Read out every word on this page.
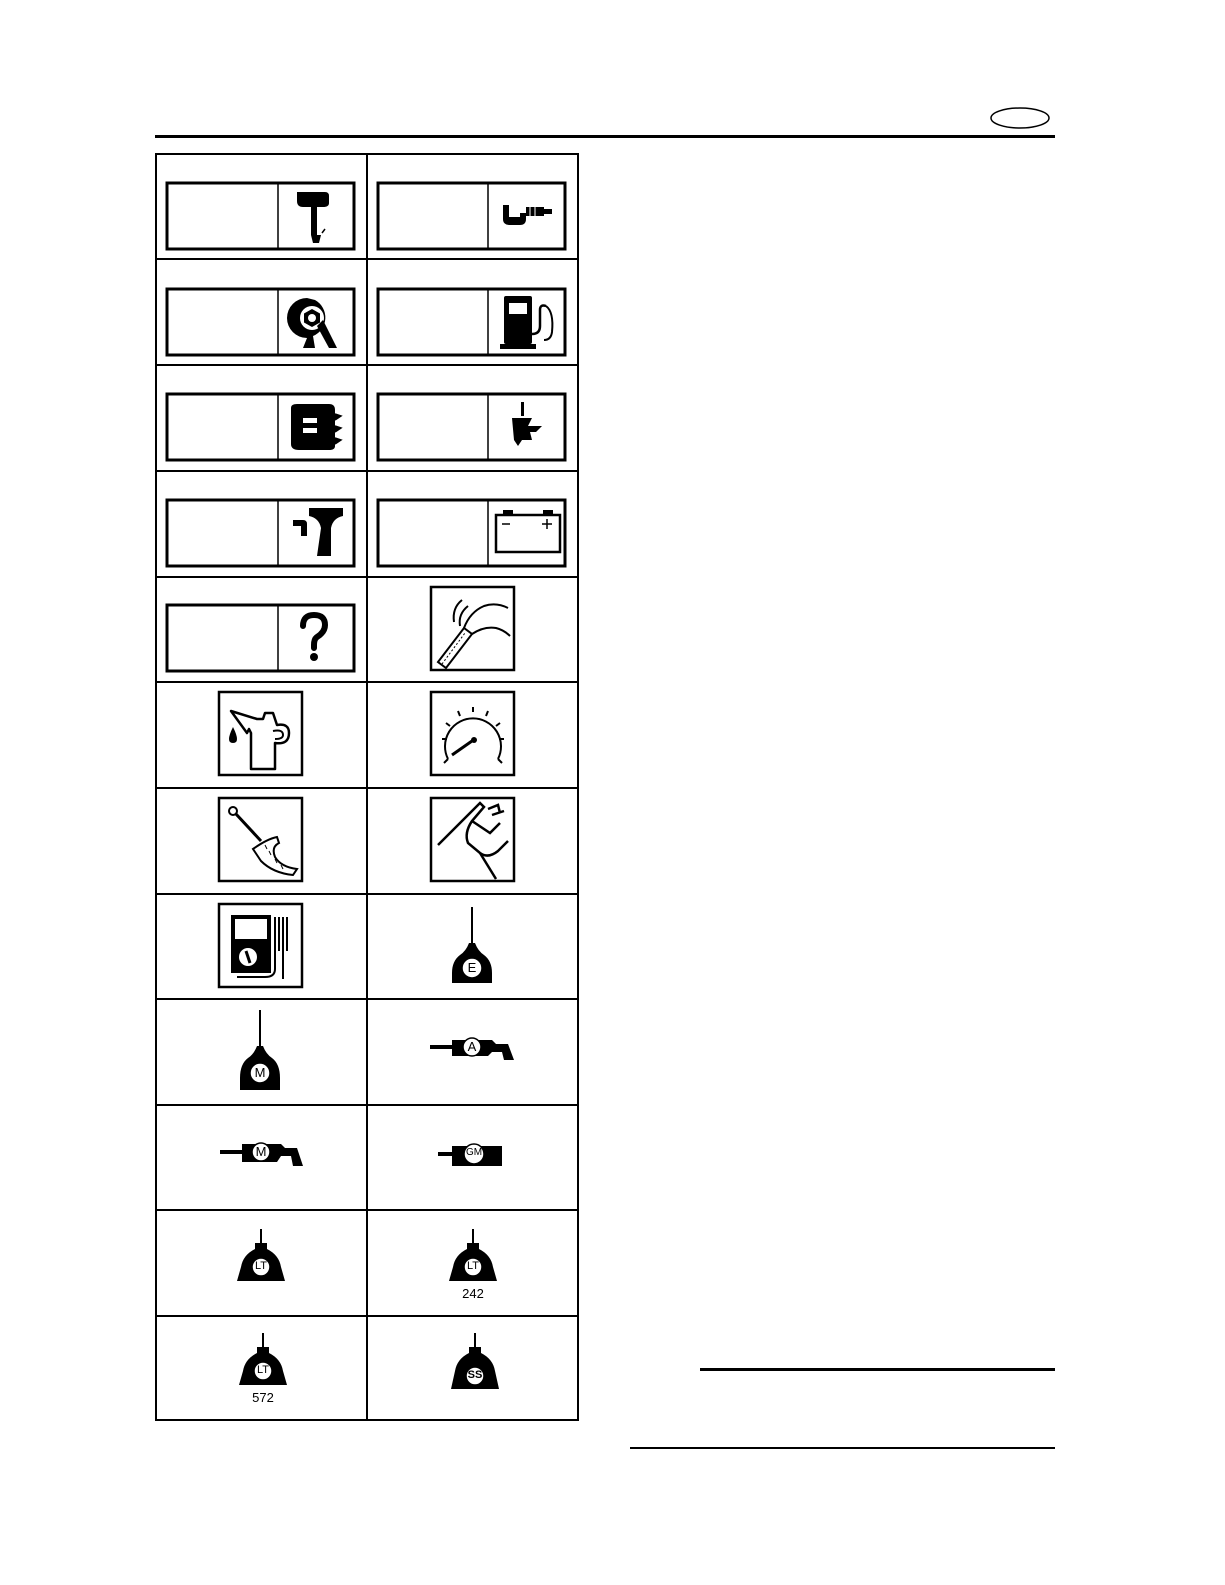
E
M
A
M	GM
LT	LT
242
LT
572
SS
